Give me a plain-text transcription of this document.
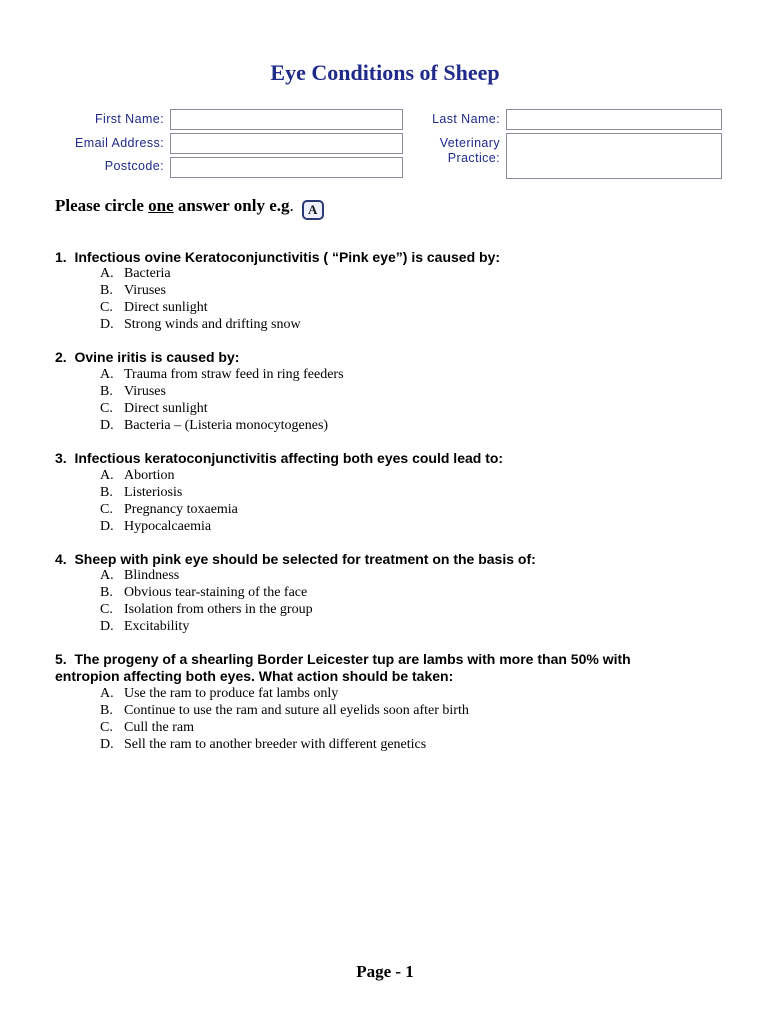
Eye Conditions of Sheep
First Name:	Last Name:
Email Address:	Veterinary
Practice:
Postcode:
Please circle one answer only e.g. A
1. Infectious ovine Keratoconjunctivitis ( “Pink eye”) is caused by:
A. Bacteria
B. Viruses
C. Direct sunlight
D. Strong winds and drifting snow
2. Ovine iritis is caused by:
A. Trauma from straw feed in ring feeders
B. Viruses
C. Direct sunlight
D. Bacteria – (Listeria monocytogenes)
3. Infectious keratoconjunctivitis affecting both eyes could lead to:
A. Abortion
B. Listeriosis
C. Pregnancy toxaemia
D. Hypocalcaemia
4. Sheep with pink eye should be selected for treatment on the basis of:
A. Blindness
B. Obvious tear-staining of the face
C. Isolation from others in the group
D. Excitability
5. The progeny of a shearling Border Leicester tup are lambs with more than 50% with
entropion affecting both eyes. What action should be taken:
A. Use the ram to produce fat lambs only
B. Continue to use the ram and suture all eyelids soon after birth
C. Cull the ram
D. Sell the ram to another breeder with different genetics
Page - 1
